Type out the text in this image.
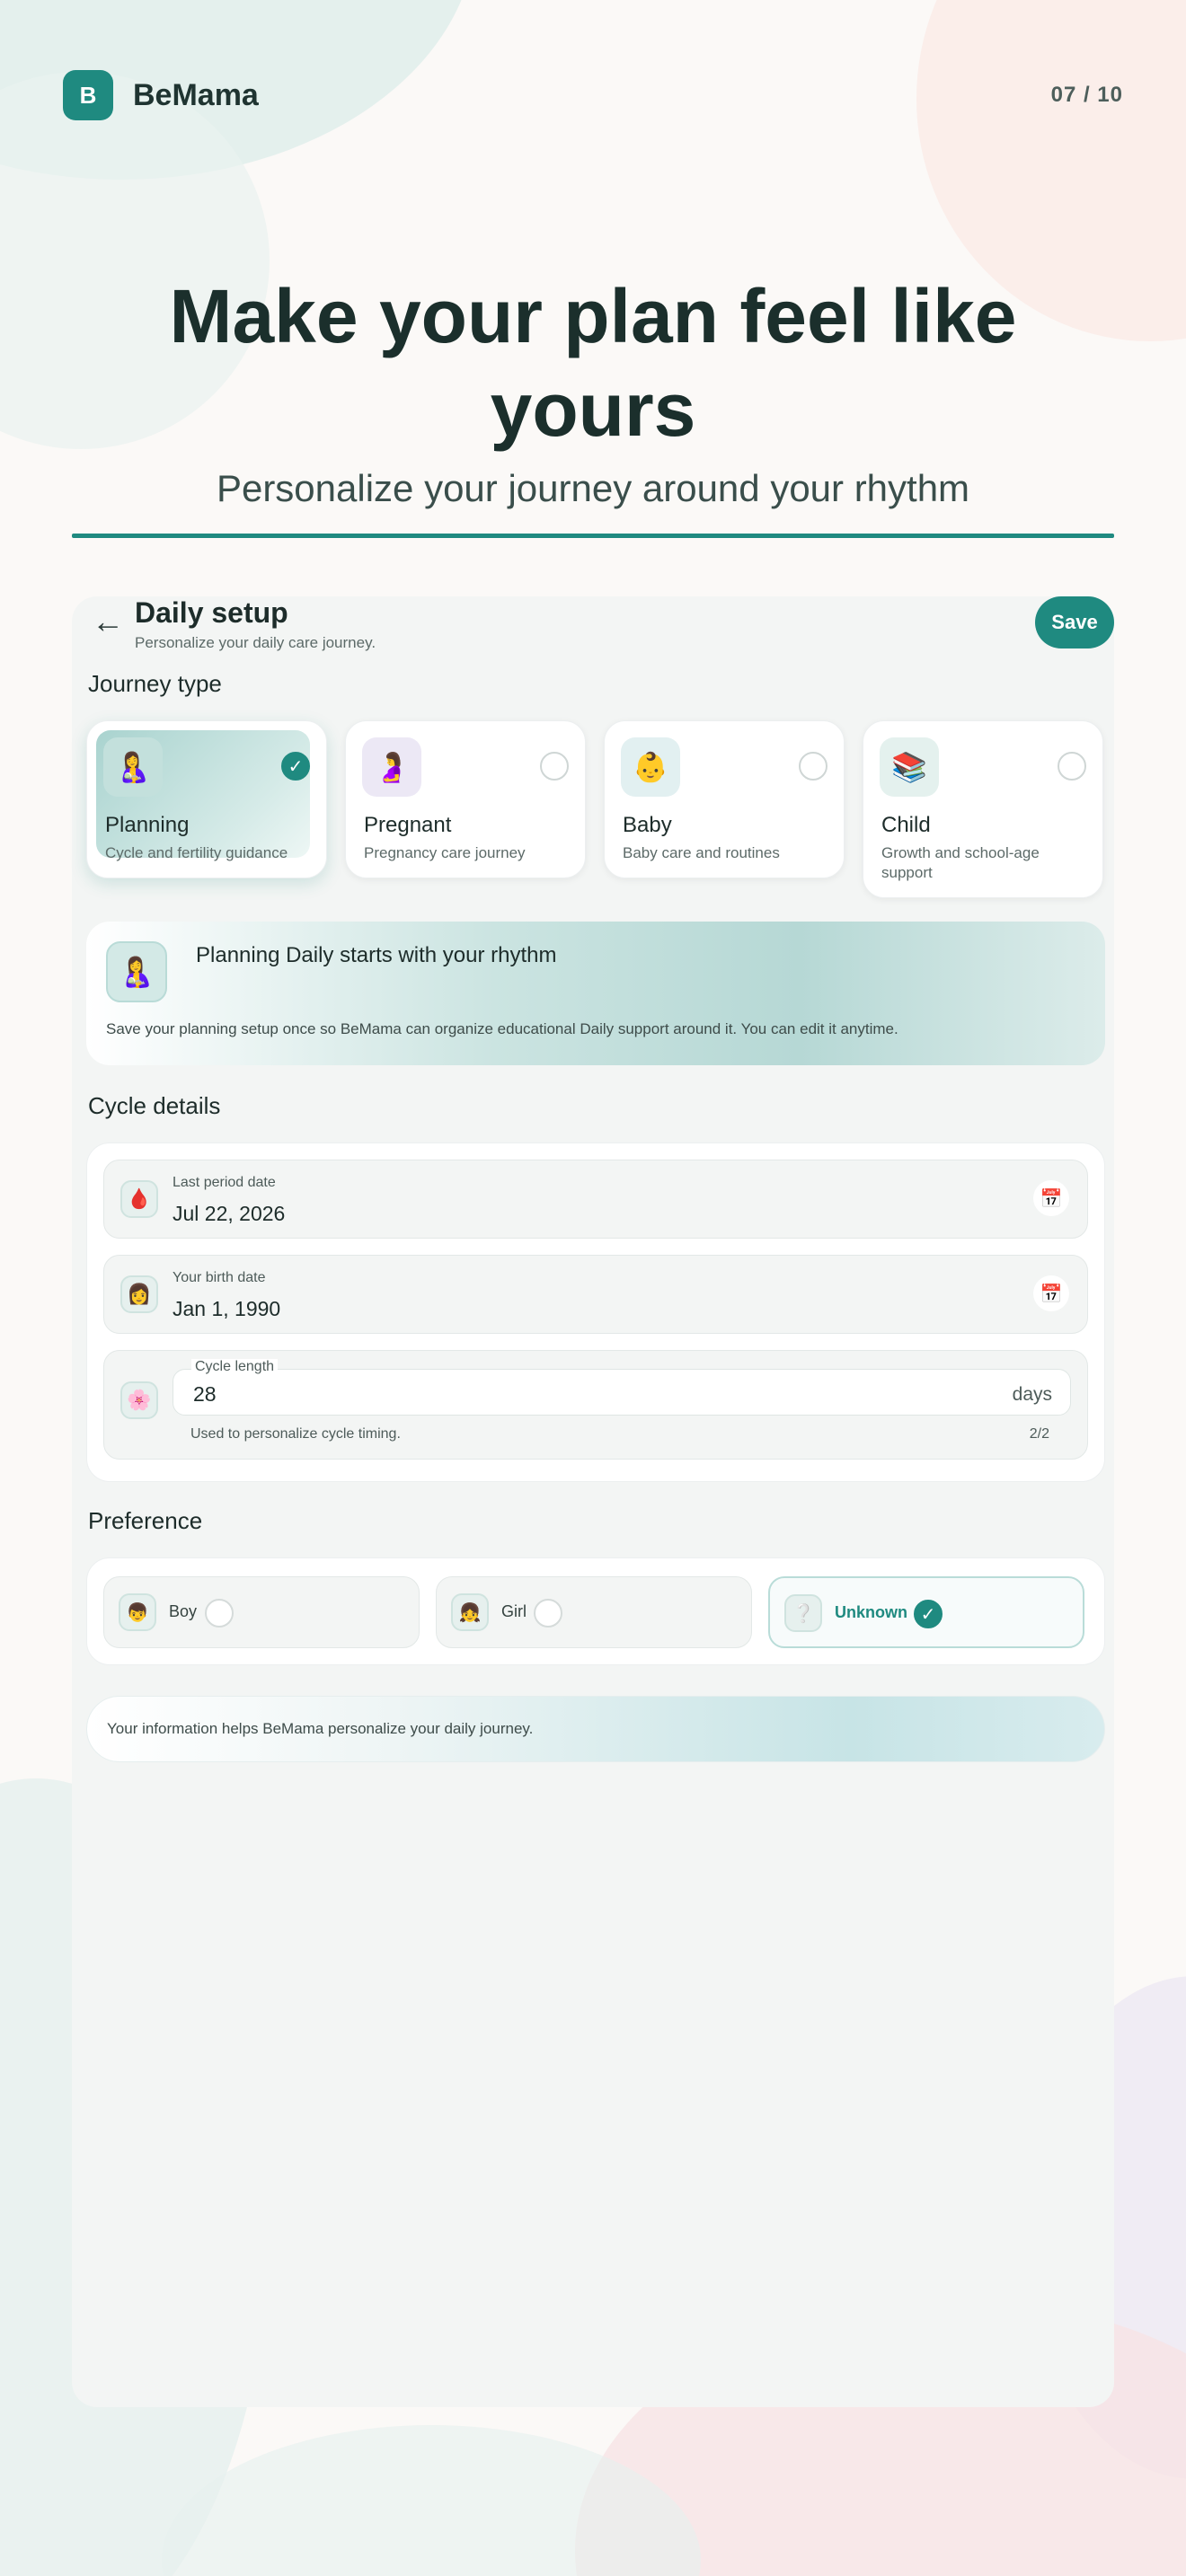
B	BeMama	07 / 10
Make your plan feel like yours
Personalize your journey around your rhythm
← Daily setup
Personalize your daily care journey.
Save
Journey type
🤱	✓
Planning
Cycle and fertility guidance
🤰
Pregnant
Pregnancy care journey
👶
Baby
Baby care and routines
📚
Child
Growth and school-age support
🤱
Planning Daily starts with your rhythm
Save your planning setup once so BeMama can organize educational Daily support around it. You can edit it anytime.
Cycle details
🩸
Last period date
Jul 22, 2026
📅
👩
Your birth date
Jan 1, 1990
📅
🌸
Cycle length
28	days
Used to personalize cycle timing.	2/2
Preference
👦	Boy	👧	Girl	❔	Unknown ✓
Your information helps BeMama personalize your daily journey.
